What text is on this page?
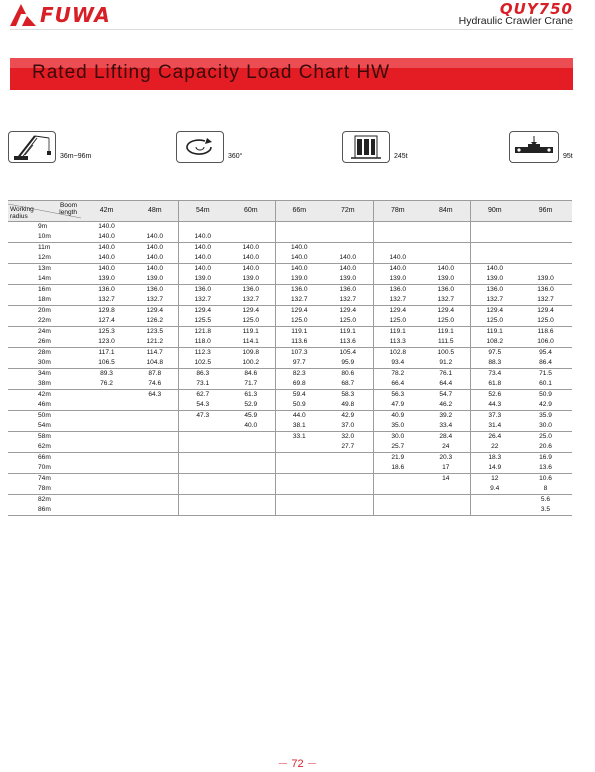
FUWA	QUY750
Hydraulic Crawler Crane
Rated Lifting Capacity Load Chart HW
36m~96m	360°	245t	95t
Boom
length
Working
radius	42m	48m	54m	60m	66m	72m	78m	84m	90m	96m
9m	140.0									
10m	140.0	140.0	140.0							
11m	140.0	140.0	140.0	140.0	140.0					
12m	140.0	140.0	140.0	140.0	140.0	140.0	140.0			
13m	140.0	140.0	140.0	140.0	140.0	140.0	140.0	140.0	140.0	
14m	139.0	139.0	139.0	139.0	139.0	139.0	139.0	139.0	139.0	139.0
16m	136.0	136.0	136.0	136.0	136.0	136.0	136.0	136.0	136.0	136.0
18m	132.7	132.7	132.7	132.7	132.7	132.7	132.7	132.7	132.7	132.7
20m	129.8	129.4	129.4	129.4	129.4	129.4	129.4	129.4	129.4	129.4
22m	127.4	126.2	125.5	125.0	125.0	125.0	125.0	125.0	125.0	125.0
24m	125.3	123.5	121.8	119.1	119.1	119.1	119.1	119.1	119.1	118.6
26m	123.0	121.2	118.0	114.1	113.6	113.6	113.3	111.5	108.2	106.0
28m	117.1	114.7	112.3	109.8	107.3	105.4	102.8	100.5	97.5	95.4
30m	106.5	104.8	102.5	100.2	97.7	95.9	93.4	91.2	88.3	86.4
34m	89.3	87.8	86.3	84.6	82.3	80.6	78.2	76.1	73.4	71.5
38m	76.2	74.6	73.1	71.7	69.8	68.7	66.4	64.4	61.8	60.1
42m		64.3	62.7	61.3	59.4	58.3	56.3	54.7	52.6	50.9
46m			54.3	52.9	50.9	49.8	47.9	46.2	44.3	42.9
50m			47.3	45.9	44.0	42.9	40.9	39.2	37.3	35.9
54m				40.0	38.1	37.0	35.0	33.4	31.4	30.0
58m					33.1	32.0	30.0	28.4	26.4	25.0
62m						27.7	25.7	24	22	20.6
66m							21.9	20.3	18.3	16.9
70m							18.6	17	14.9	13.6
74m								14	12	10.6
78m									9.4	8
82m										5.6
86m										3.5
－ 72 －
